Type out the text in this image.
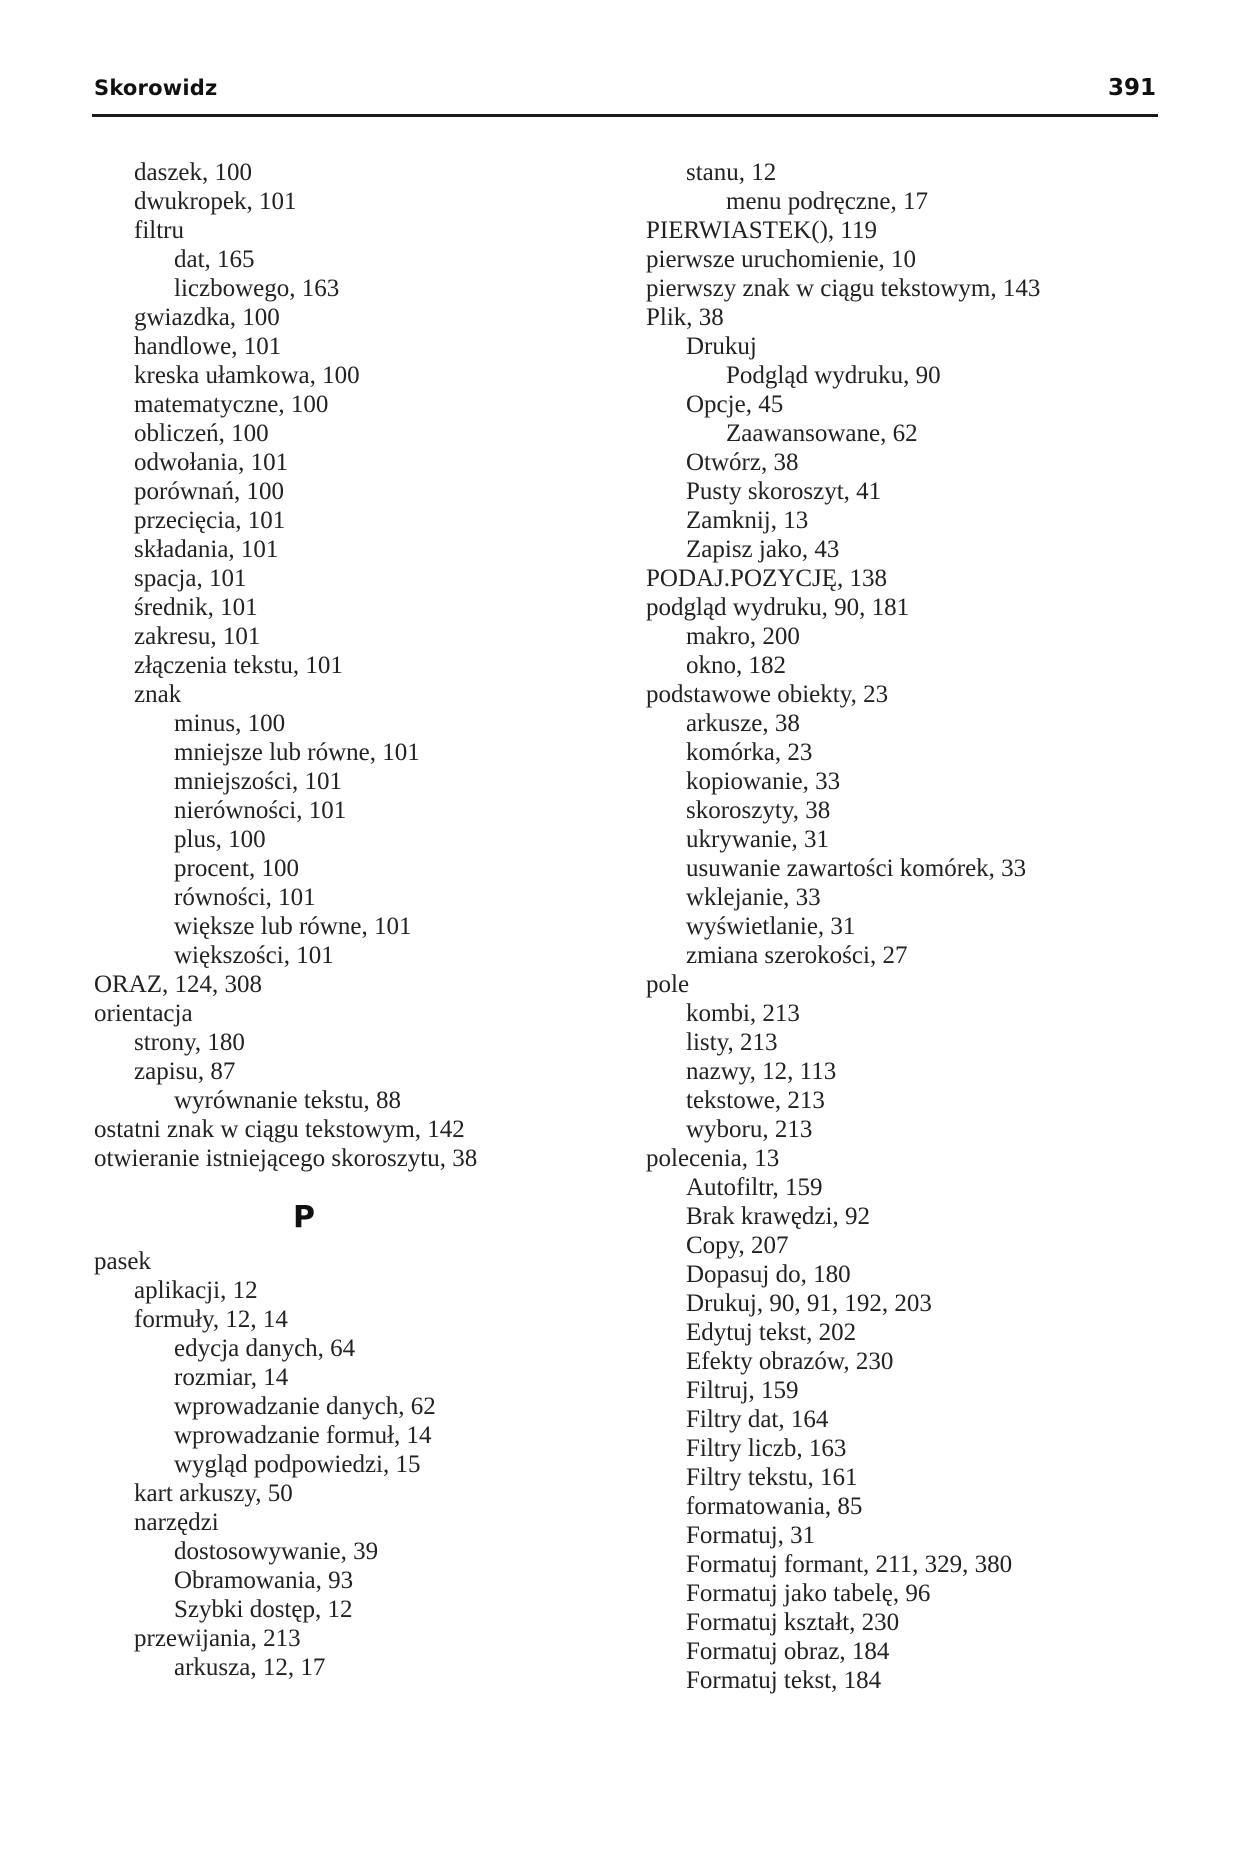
Skorowidz	391
daszek, 100
dwukropek, 101
filtru
dat, 165
liczbowego, 163
gwiazdka, 100
handlowe, 101
kreska ułamkowa, 100
matematyczne, 100
obliczeń, 100
odwołania, 101
porównań, 100
przecięcia, 101
składania, 101
spacja, 101
średnik, 101
zakresu, 101
złączenia tekstu, 101
znak
minus, 100
mniejsze lub równe, 101
mniejszości, 101
nierówności, 101
plus, 100
procent, 100
równości, 101
większe lub równe, 101
większości, 101
ORAZ, 124, 308
orientacja
strony, 180
zapisu, 87
wyrównanie tekstu, 88
ostatni znak w ciągu tekstowym, 142
otwieranie istniejącego skoroszytu, 38
P
pasek
aplikacji, 12
formuły, 12, 14
edycja danych, 64
rozmiar, 14
wprowadzanie danych, 62
wprowadzanie formuł, 14
wygląd podpowiedzi, 15
kart arkuszy, 50
narzędzi
dostosowywanie, 39
Obramowania, 93
Szybki dostęp, 12
przewijania, 213
arkusza, 12, 17
stanu, 12
menu podręczne, 17
PIERWIASTEK(), 119
pierwsze uruchomienie, 10
pierwszy znak w ciągu tekstowym, 143
Plik, 38
Drukuj
Podgląd wydruku, 90
Opcje, 45
Zaawansowane, 62
Otwórz, 38
Pusty skoroszyt, 41
Zamknij, 13
Zapisz jako, 43
PODAJ.POZYCJĘ, 138
podgląd wydruku, 90, 181
makro, 200
okno, 182
podstawowe obiekty, 23
arkusze, 38
komórka, 23
kopiowanie, 33
skoroszyty, 38
ukrywanie, 31
usuwanie zawartości komórek, 33
wklejanie, 33
wyświetlanie, 31
zmiana szerokości, 27
pole
kombi, 213
listy, 213
nazwy, 12, 113
tekstowe, 213
wyboru, 213
polecenia, 13
Autofiltr, 159
Brak krawędzi, 92
Copy, 207
Dopasuj do, 180
Drukuj, 90, 91, 192, 203
Edytuj tekst, 202
Efekty obrazów, 230
Filtruj, 159
Filtry dat, 164
Filtry liczb, 163
Filtry tekstu, 161
formatowania, 85
Formatuj, 31
Formatuj formant, 211, 329, 380
Formatuj jako tabelę, 96
Formatuj kształt, 230
Formatuj obraz, 184
Formatuj tekst, 184
